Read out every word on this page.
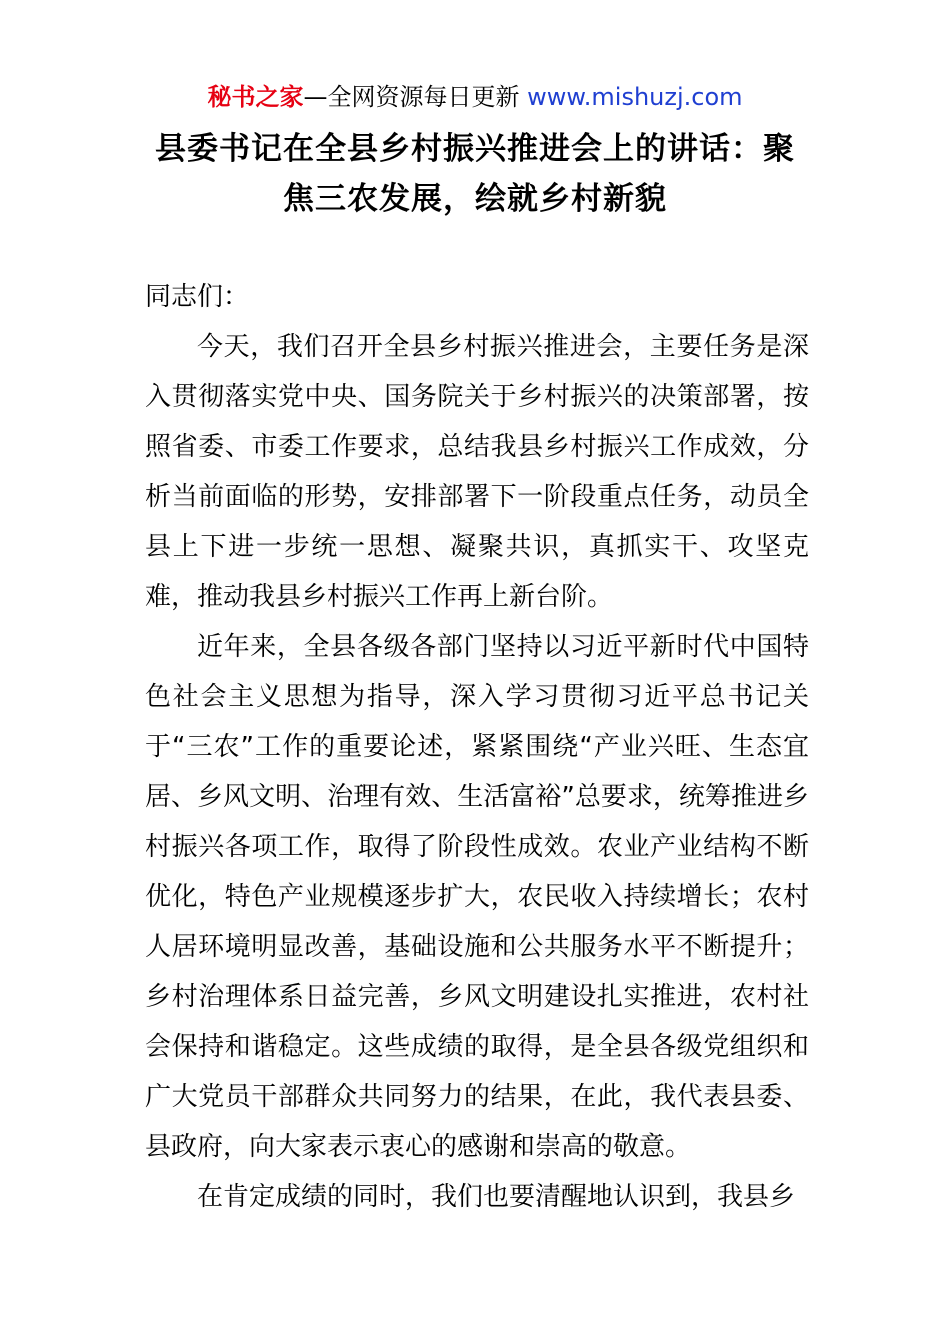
秘书之家—全网资源每日更新 www.mishuzj.com
县委书记在全县乡村振兴推进会上的讲话：聚焦三农发展，绘就乡村新貌

同志们：

今天，我们召开全县乡村振兴推进会，主要任务是深入贯彻落实党中央、国务院关于乡村振兴的决策部署，按照省委、市委工作要求，总结我县乡村振兴工作成效，分析当前面临的形势，安排部署下一阶段重点任务，动员全县上下进一步统一思想、凝聚共识，真抓实干、攻坚克难，推动我县乡村振兴工作再上新台阶。

近年来，全县各级各部门坚持以习近平新时代中国特色社会主义思想为指导，深入学习贯彻习近平总书记关于“三农”工作的重要论述，紧紧围绕“产业兴旺、生态宜居、乡风文明、治理有效、生活富裕”总要求，统筹推进乡村振兴各项工作，取得了阶段性成效。农业产业结构不断优化，特色产业规模逐步扩大，农民收入持续增长；农村人居环境明显改善，基础设施和公共服务水平不断提升；乡村治理体系日益完善，乡风文明建设扎实推进，农村社会保持和谐稳定。这些成绩的取得，是全县各级党组织和广大党员干部群众共同努力的结果，在此，我代表县委、县政府，向大家表示衷心的感谢和崇高的敬意。

在肯定成绩的同时，我们也要清醒地认识到，我县乡
